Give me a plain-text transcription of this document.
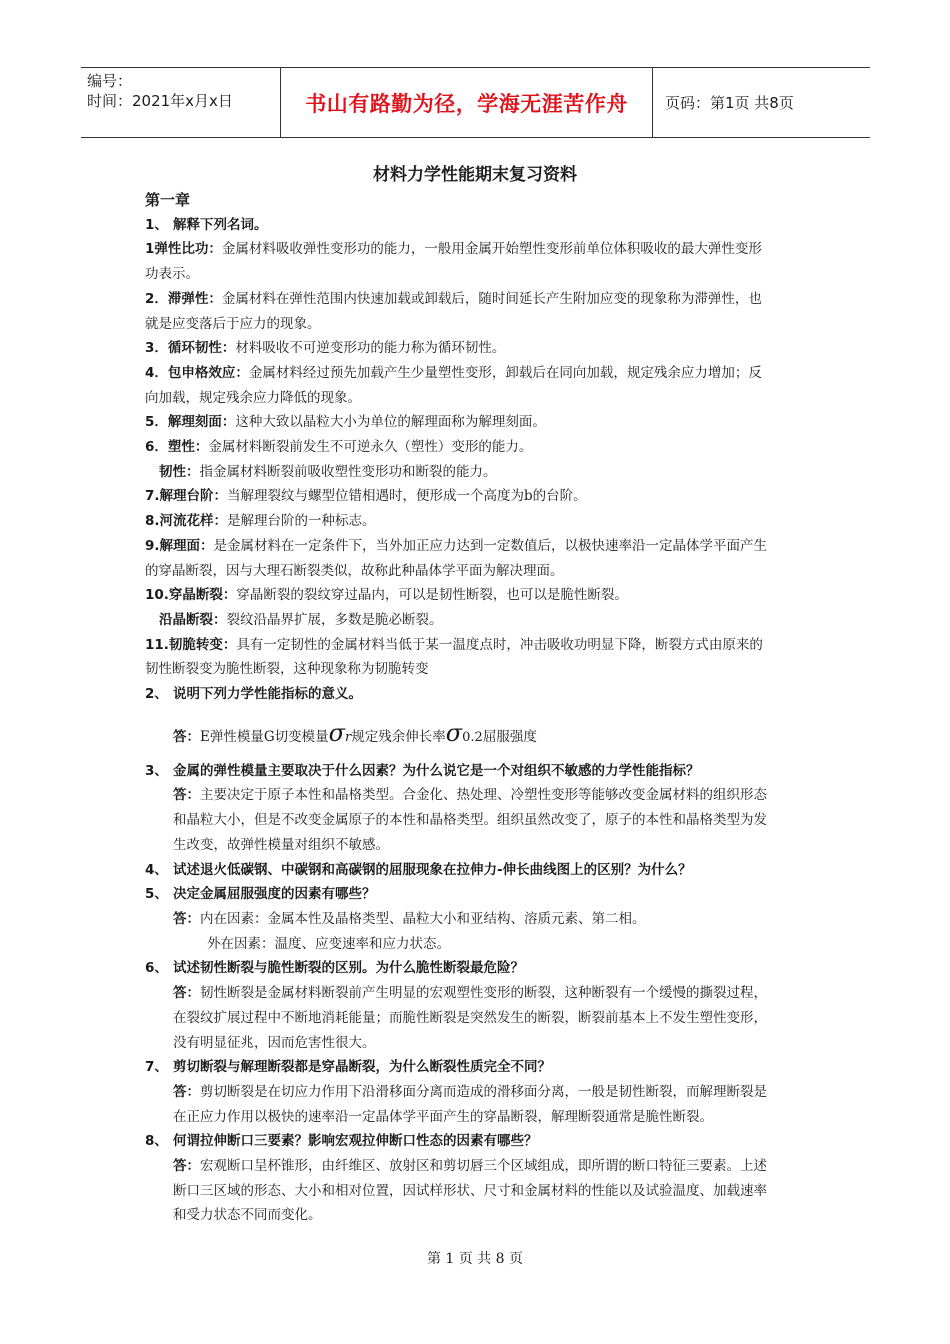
编号：
时间：2021年x月x日	书山有路勤为径，学海无涯苦作舟	页码：第1页 共8页
材料力学性能期末复习资料

第一章

1、 解释下列名词。

1弹性比功：金属材料吸收弹性变形功的能力，一般用金属开始塑性变形前单位体积吸收的最大弹性变形

功表示。

2．滞弹性：金属材料在弹性范围内快速加载或卸载后，随时间延长产生附加应变的现象称为滞弹性，也

就是应变落后于应力的现象。

3．循环韧性：材料吸收不可逆变形功的能力称为循环韧性。

4．包申格效应：金属材料经过预先加载产生少量塑性变形，卸载后在同向加载，规定残余应力增加；反

向加载，规定残余应力降低的现象。

5．解理刻面：这种大致以晶粒大小为单位的解理面称为解理刻面。

6．塑性：金属材料断裂前发生不可逆永久（塑性）变形的能力。

韧性：指金属材料断裂前吸收塑性变形功和断裂的能力。

7.解理台阶：当解理裂纹与螺型位错相遇时，便形成一个高度为b的台阶。

8.河流花样：是解理台阶的一种标志。

9.解理面：是金属材料在一定条件下，当外加正应力达到一定数值后，以极快速率沿一定晶体学平面产生

的穿晶断裂，因与大理石断裂类似，故称此种晶体学平面为解决理面。

10.穿晶断裂：穿晶断裂的裂纹穿过晶内，可以是韧性断裂，也可以是脆性断裂。

沿晶断裂：裂纹沿晶界扩展，多数是脆必断裂。

11.韧脆转变：具有一定韧性的金属材料当低于某一温度点时，冲击吸收功明显下降，断裂方式由原来的

韧性断裂变为脆性断裂，这种现象称为韧脆转变

2、 说明下列力学性能指标的意义。

答：E弹性模量G切变模量σr规定残余伸长率σ0.2屈服强度

3、 金属的弹性模量主要取决于什么因素？为什么说它是一个对组织不敏感的力学性能指标？

答：主要决定于原子本性和晶格类型。合金化、热处理、冷塑性变形等能够改变金属材料的组织形态

和晶粒大小，但是不改变金属原子的本性和晶格类型。组织虽然改变了，原子的本性和晶格类型为发

生改变，故弹性模量对组织不敏感。

4、 试述退火低碳钢、中碳钢和高碳钢的屈服现象在拉伸力-伸长曲线图上的区别？为什么？

5、 决定金属屈服强度的因素有哪些？

答：内在因素：金属本性及晶格类型、晶粒大小和亚结构、溶质元素、第二相。

外在因素：温度、应变速率和应力状态。

6、 试述韧性断裂与脆性断裂的区别。为什么脆性断裂最危险？

答：韧性断裂是金属材料断裂前产生明显的宏观塑性变形的断裂，这种断裂有一个缓慢的撕裂过程，

在裂纹扩展过程中不断地消耗能量；而脆性断裂是突然发生的断裂，断裂前基本上不发生塑性变形，

没有明显征兆，因而危害性很大。

7、 剪切断裂与解理断裂都是穿晶断裂，为什么断裂性质完全不同？

答：剪切断裂是在切应力作用下沿滑移面分离而造成的滑移面分离，一般是韧性断裂，而解理断裂是

在正应力作用以极快的速率沿一定晶体学平面产生的穿晶断裂，解理断裂通常是脆性断裂。

8、 何谓拉伸断口三要素？影响宏观拉伸断口性态的因素有哪些？

答：宏观断口呈杯锥形，由纤维区、放射区和剪切唇三个区域组成，即所谓的断口特征三要素。上述

断口三区域的形态、大小和相对位置，因试样形状、尺寸和金属材料的性能以及试验温度、加载速率

和受力状态不同而变化。

第 1 页 共 8 页
